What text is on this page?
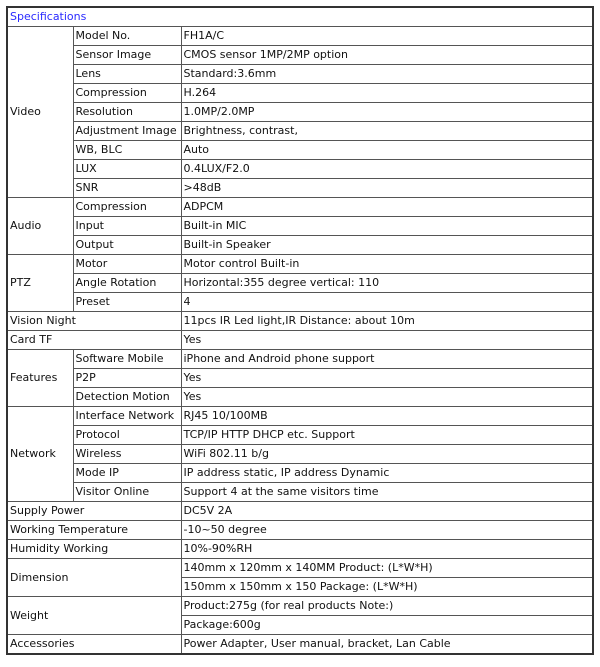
Specifications		
Video	Model No.	FH1A/C
	Sensor Image	CMOS sensor 1MP/2MP option
	Lens	Standard:3.6mm
	Compression	H.264
	Resolution	1.0MP/2.0MP
	Adjustment Image	Brightness, contrast,
	WB, BLC	Auto
	LUX	0.4LUX/F2.0
	SNR	>48dB
Audio	Compression	ADPCM
	Input	Built-in MIC
	Output	Built-in Speaker
PTZ	Motor	Motor control Built-in
	Angle Rotation	Horizontal:355 degree vertical: 110
	Preset	4
Vision Night		11pcs IR Led light,IR Distance: about 10m
Card TF		Yes
Features	Software Mobile	iPhone and Android phone support
	P2P	Yes
	Detection Motion	Yes
Network	Interface Network	RJ45 10/100MB
	Protocol	TCP/IP HTTP DHCP etc. Support
	Wireless	WiFi 802.11 b/g
	Mode IP	IP address static, IP address Dynamic
	Visitor Online	Support 4 at the same visitors time
Supply Power		DC5V 2A
Working Temperature		-10~50 degree
Humidity Working		10%-90%RH
Dimension		140mm x 120mm x 140MM Product: (L*W*H)
		150mm x 150mm x 150 Package: (L*W*H)
Weight		Product:275g (for real products Note:)
		Package:600g
Accessories		Power Adapter, User manual, bracket, Lan Cable
